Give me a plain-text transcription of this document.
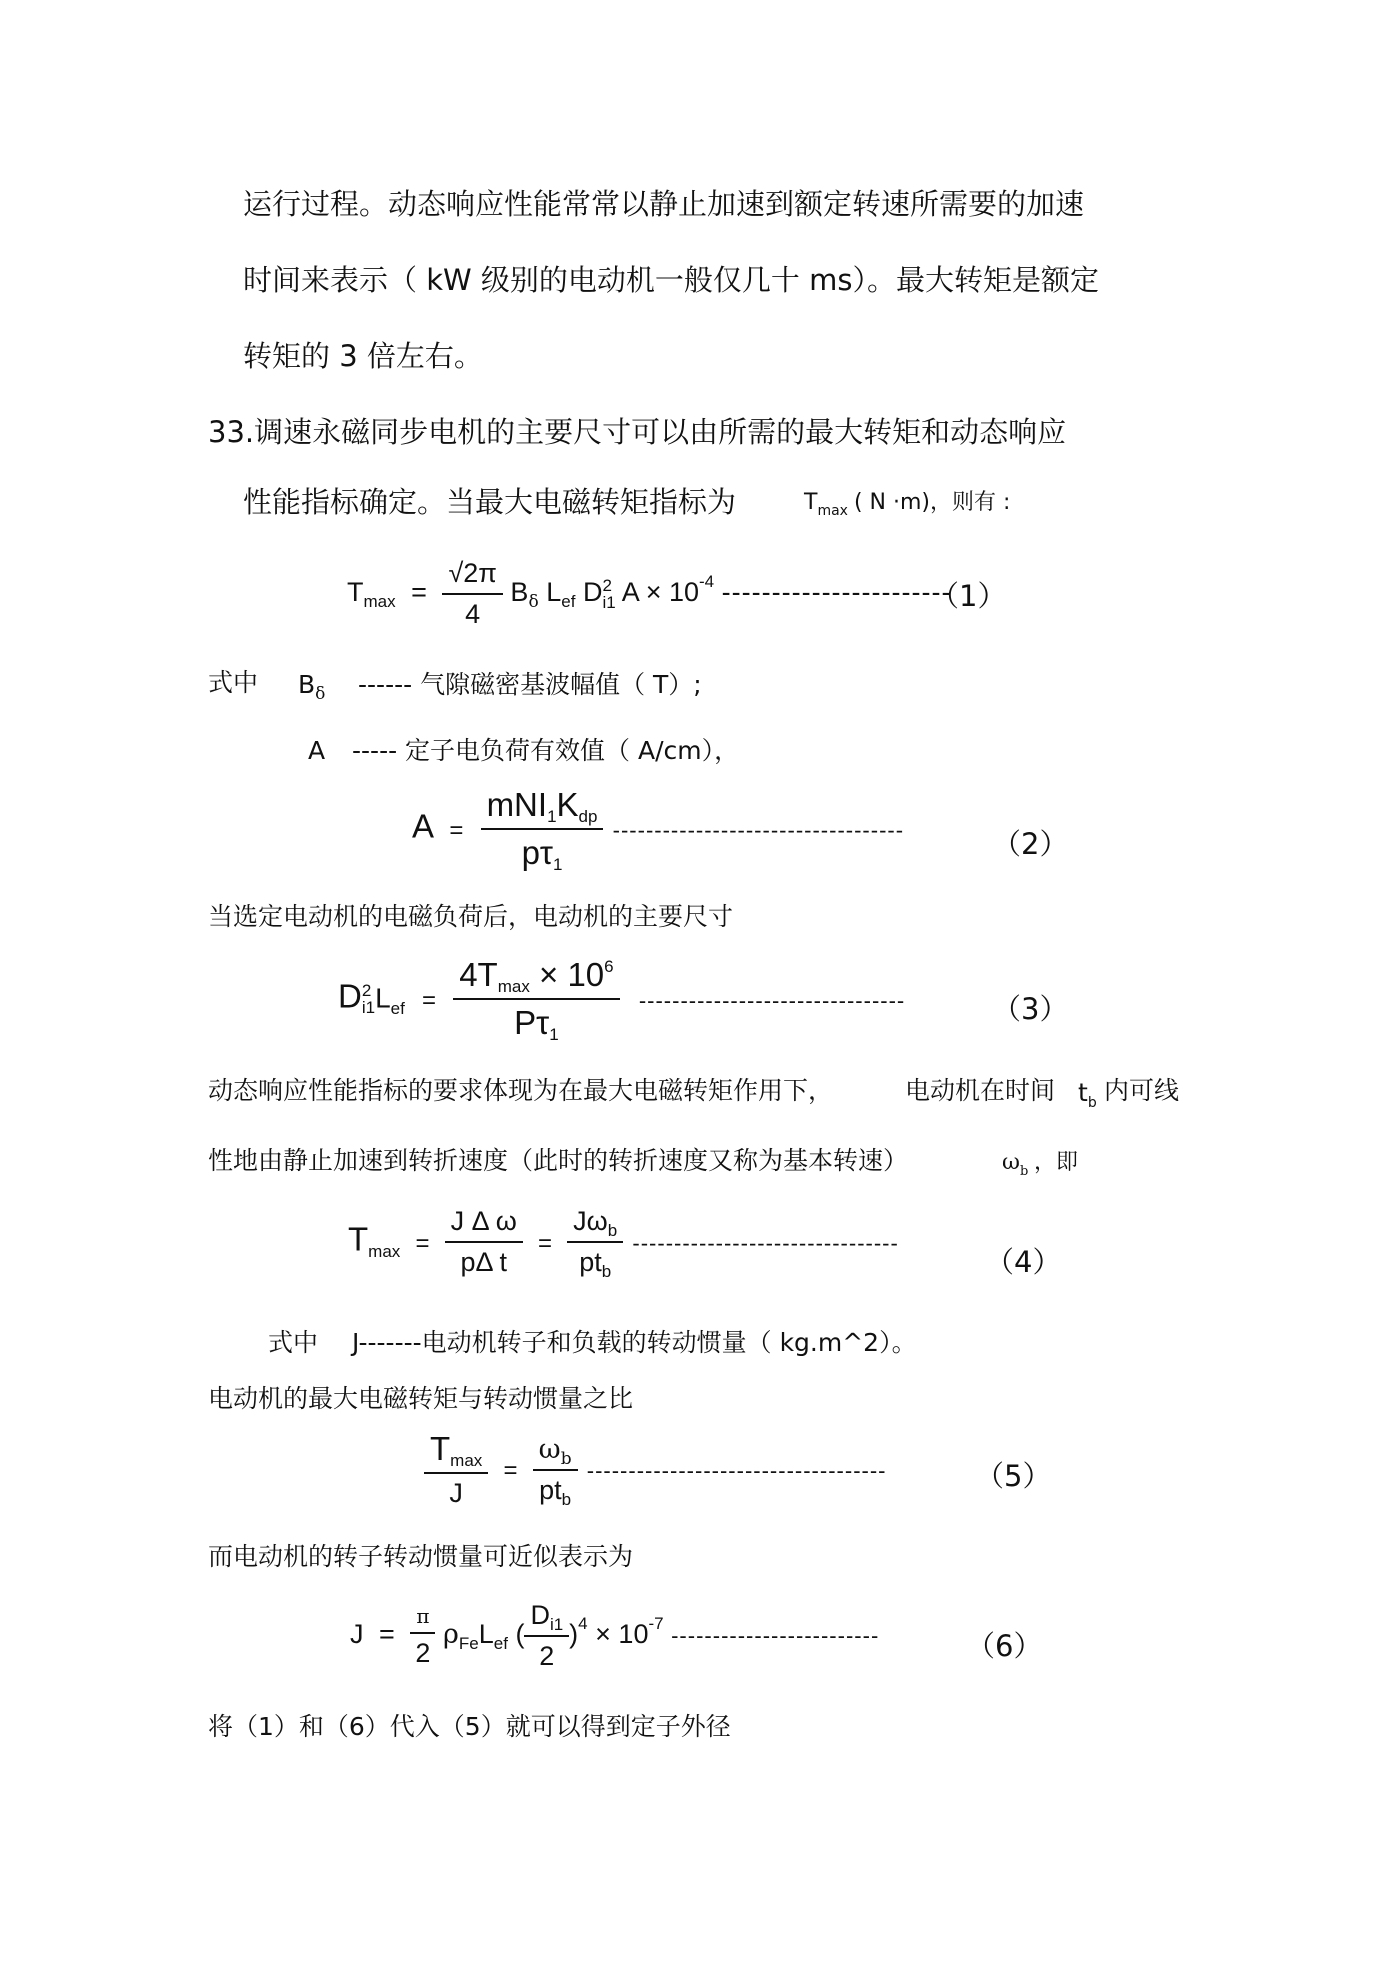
运行过程。动态响应性能常常以静止加速到额定转速所需要的加速
时间来表示（ kW 级别的电动机一般仅几十 ms）。最大转矩是额定
转矩的 3 倍左右。
33.调速永磁同步电机的主要尺寸可以由所需的最大转矩和动态响应
性能指标确定。当最大电磁转矩指标为	$T_{max}$ ( N ·m)，则有 :
$T_{max} = \frac{√2\pi}{4} B_\delta$ $L_{ef}$ D 2
i1 $A \times 10^{-4}$ -----------------------
（1）
式中 $B_\delta$ ------ 气隙磁密基波幅值（ T）;
A ----- 定子电负荷有效值（ A/cm），
$A = \frac{\text{mNI1Kdp}}{p\tau 1}$ -----------------------------------	（2）
当选定电动机的电磁负荷后，电动机的主要尺寸
D 2
i1 Lef = $\frac{4Tmax \times 10^6}{P\tau 1}$ --------------------------------	（3）
动态响应性能指标的要求体现为在最大电磁转矩作用下，	电动机在时间 $t_b$ 内可线
性地由静止加速到转折速度（此时的转折速度又称为基本转速）	$\omega_b$ ，即
$Tmax = \frac{\text{J Δ ω}}{\text{pΔ t}} = \frac{J\omega_b}{pt_b}$ --------------------------------
（4）
式中 J-------电动机转子和负载的转动惯量（ kg.m^2）。
电动机的最大电磁转矩与转动惯量之比
$\frac{Tmax}{J} = \frac{\omega_b}{pt_b}$ ------------------------------------	（5）
而电动机的转子转动惯量可近似表示为
$J = \frac{\pi}{2} \rho_{Fe}L_{ef}$ ( $\frac{D_{i1}}{2} )^4 \times 10^{-7}$ -------------------------	（6）
将（1）和（6）代入（5）就可以得到定子外径
